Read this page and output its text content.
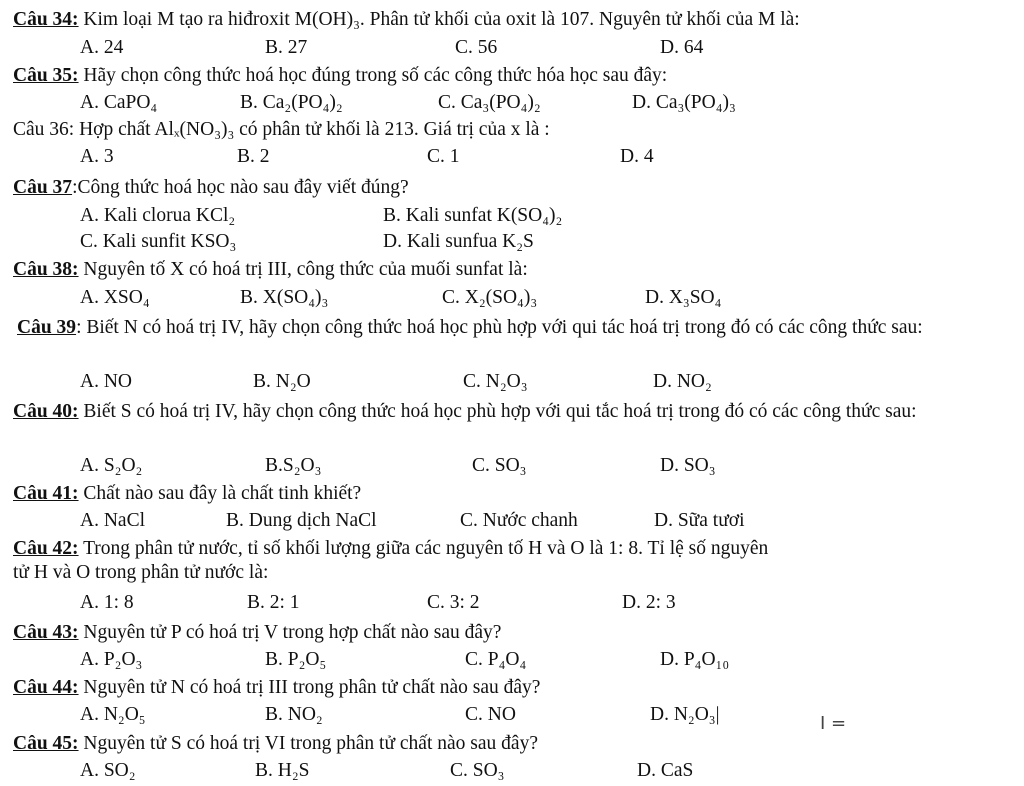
Câu 34: Kim loại M tạo ra hiđroxit M(OH)₃. Phân tử khối của oxit là 107. Nguyên tử khối của M là:
A. 24	B. 27	C. 56	D. 64
Câu 35: Hãy chọn công thức hoá học đúng trong số các công thức hóa học sau đây:
A. CaPO₄	B. Ca₂(PO₄)₂	C. Ca₃(PO₄)₂	D. Ca₃(PO₄)₃
Câu 36: Hợp chất Alₓ(NO₃)₃ có phân tử khối là 213. Giá trị của x là :
A. 3	B. 2	C. 1	D. 4
Câu 37:Công thức hoá học nào sau đây viết đúng?
A. Kali clorua KCl₂	B. Kali sunfat K(SO₄)₂
C. Kali sunfit KSO₃	D. Kali sunfua K₂S
Câu 38: Nguyên tố X có hoá trị III, công thức của muối sunfat là:
A. XSO₄	B. X(SO₄)₃	C. X₂(SO₄)₃	D. X₃SO₄
Câu 39: Biết N có hoá trị IV, hãy chọn công thức hoá học phù hợp với qui tác hoá trị trong đó có các công thức sau:
A. NO	B. N₂O	C. N₂O₃	D. NO₂
Câu 40: Biết S có hoá trị IV, hãy chọn công thức hoá học phù hợp với qui tắc hoá trị trong đó có các công thức sau:
A. S₂O₂	B.S₂O₃	C. SO₃	D. SO₃
Câu 41: Chất nào sau đây là chất tinh khiết?
A. NaCl	B. Dung dịch NaCl	C. Nước chanh	D. Sữa tươi
Câu 42: Trong phân tử nước, tỉ số khối lượng giữa các nguyên tố H và O là 1: 8. Tỉ lệ số nguyên tử H và O trong phân tử nước là:
A. 1: 8	B. 2: 1	C. 3: 2	D. 2: 3
Câu 43: Nguyên tử P có hoá trị V trong hợp chất nào sau đây?
A. P₂O₃	B. P₂O₅	C. P₄O₄	D. P₄O₁₀
Câu 44: Nguyên tử N có hoá trị III trong phân tử chất nào sau đây?
A. N₂O₅	B. NO₂	C. NO	D. N₂O₃|	I =
Câu 45: Nguyên tử S có hoá trị VI trong phân tử chất nào sau đây?
A. SO₂	B. H₂S	C. SO₃	D. CaS
